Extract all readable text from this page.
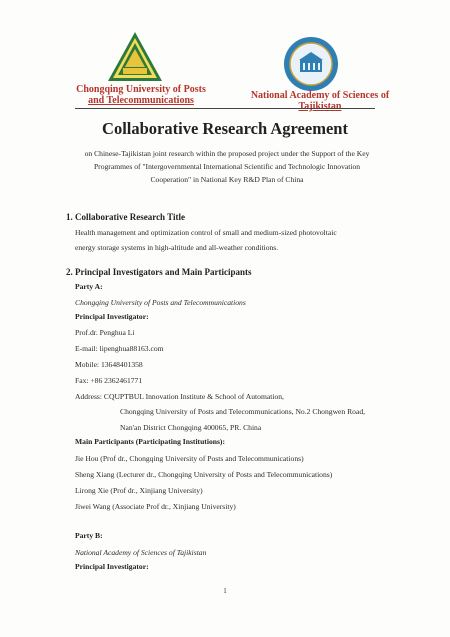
Chongqing University of Posts
and Telecommunications	National Academy of Sciences of
Tajikistan
Collaborative Research Agreement
on Chinese-Tajikistan joint research within the proposed project under the Support of the Key
Programmes of "Intergovernmental International Scientific and Technologic Innovation
Cooperation" in National Key R&D Plan of China
1. Collaborative Research Title
Health management and optimization control of small and medium-sized photovoltaic
energy storage systems in high-altitude and all-weather conditions.
2. Principal Investigators and Main Participants
Party A:
Chongqing University of Posts and Telecommunications
Principal Investigator:
Prof.dr. Penghua Li
E-mail: lipenghua88163.com
Mobile: 13648401358
Fax: +86 2362461771
Address: CQUPTBUL Innovation Institute & School of Automation,
Chongqing University of Posts and Telecommunications, No.2 Chongwen Road,
Nan'an District Chongqing 400065, PR. China
Main Participants (Participating Institutions):
Jie Hou (Prof dr., Chongqing University of Posts and Telecommunications)
Sheng Xiang (Lecturer dr., Chongqing University of Posts and Telecommunications)
Lirong Xie (Prof dr., Xinjiang University)
Jiwei Wang (Associate Prof dr., Xinjiang University)
Party B:
National Academy of Sciences of Tajikistan
Principal Investigator:
1
